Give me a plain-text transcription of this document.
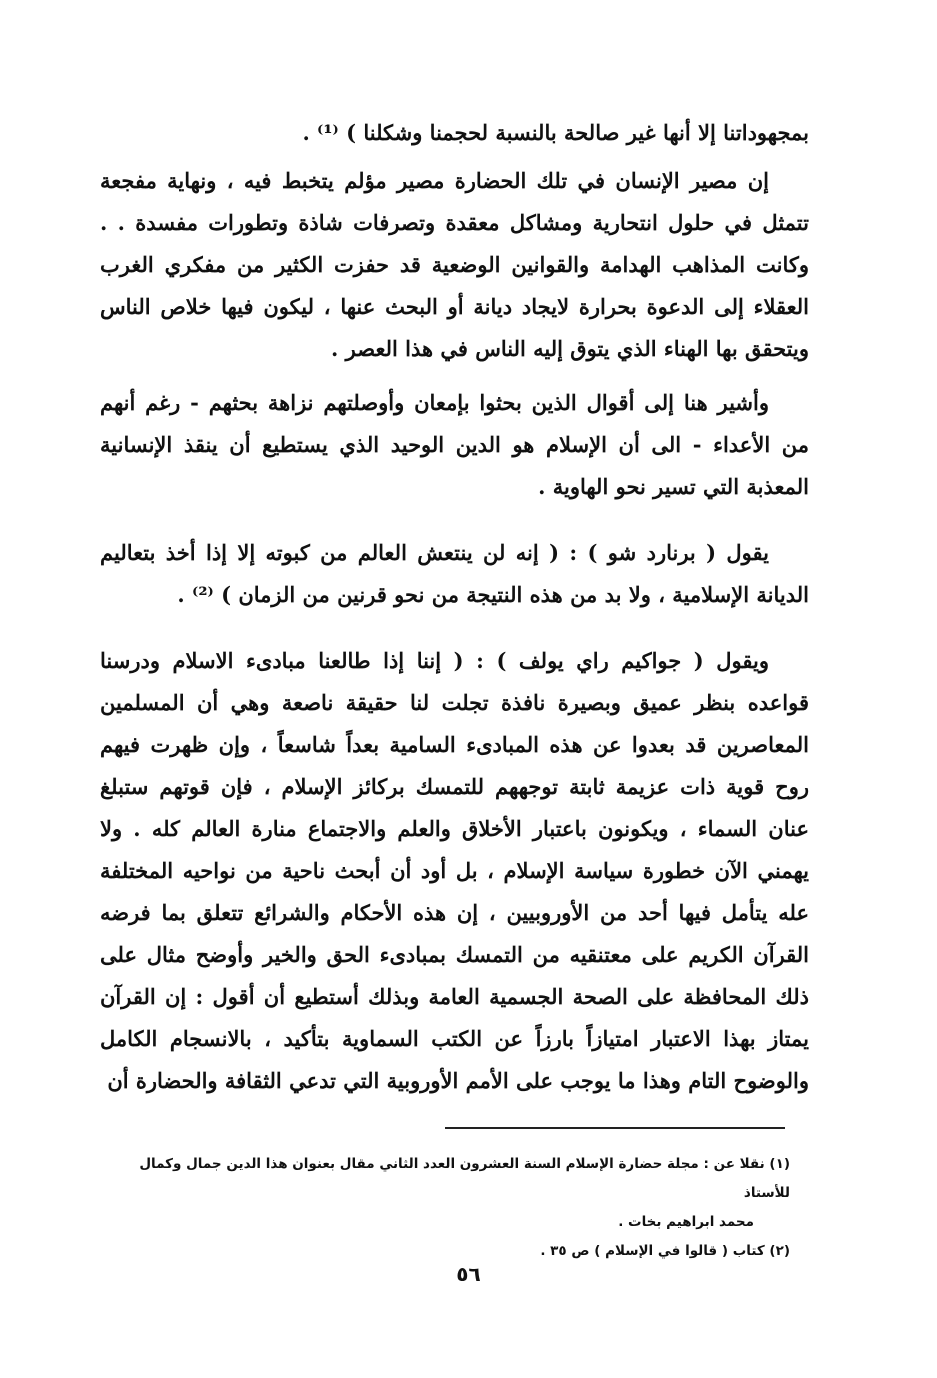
بمجهوداتنا إلا أنها غير صالحة بالنسبة لحجمنا وشكلنا ) ⁽¹⁾ .

إن مصير الإنسان في تلك الحضارة مصير مؤلم يتخبط فيه ، ونهاية مفجعة تتمثل في حلول انتحارية ومشاكل معقدة وتصرفات شاذة وتطورات مفسدة . . وكانت المذاهب الهدامة والقوانين الوضعية قد حفزت الكثير من مفكري الغرب العقلاء إلى الدعوة بحرارة لايجاد ديانة أو البحث عنها ، ليكون فيها خلاص الناس ويتحقق بها الهناء الذي يتوق إليه الناس في هذا العصر .

وأشير هنا إلى أقوال الذين بحثوا بإمعان وأوصلتهم نزاهة بحثهم - رغم أنهم من الأعداء - الى أن الإسلام هو الدين الوحيد الذي يستطيع أن ينقذ الإنسانية المعذبة التي تسير نحو الهاوية .

يقول ( برنارد شو ) : ( إنه لن ينتعش العالم من كبوته إلا إذا أخذ بتعاليم الديانة الإسلامية ، ولا بد من هذه النتيجة من نحو قرنين من الزمان ) ⁽²⁾ .

ويقول ( جواكيم راي يولف ) : ( إننا إذا طالعنا مبادىء الاسلام ودرسنا قواعده بنظر عميق وبصيرة نافذة تجلت لنا حقيقة ناصعة وهي أن المسلمين المعاصرين قد بعدوا عن هذه المبادىء السامية بعداً شاسعاً ، وإن ظهرت فيهم روح قوية ذات عزيمة ثابتة توجههم للتمسك بركائز الإسلام ، فإن قوتهم ستبلغ عنان السماء ، ويكونون باعتبار الأخلاق والعلم والاجتماع منارة العالم كله . ولا يهمني الآن خطورة سياسة الإسلام ، بل أود أن أبحث ناحية من نواحيه المختلفة عله يتأمل فيها أحد من الأوروبيين ، إن هذه الأحكام والشرائع تتعلق بما فرضه القرآن الكريم على معتنقيه من التمسك بمبادىء الحق والخير وأوضح مثال على ذلك المحافظة على الصحة الجسمية العامة وبذلك أستطيع أن أقول : إن القرآن يمتاز بهذا الاعتبار امتيازاً بارزاً عن الكتب السماوية بتأكيد ، بالانسجام الكامل والوضوح التام وهذا ما يوجب على الأمم الأوروبية التي تدعي الثقافة والحضارة أن

(١) نقلا عن : مجلة حضارة الإسلام السنة العشرون العدد الثاني مقال بعنوان هذا الدين جمال وكمال للأستاذ

محمد ابراهيم بخات .

(٢) كتاب ( قالوا في الإسلام ) ص ٣٥ .

٥٦
